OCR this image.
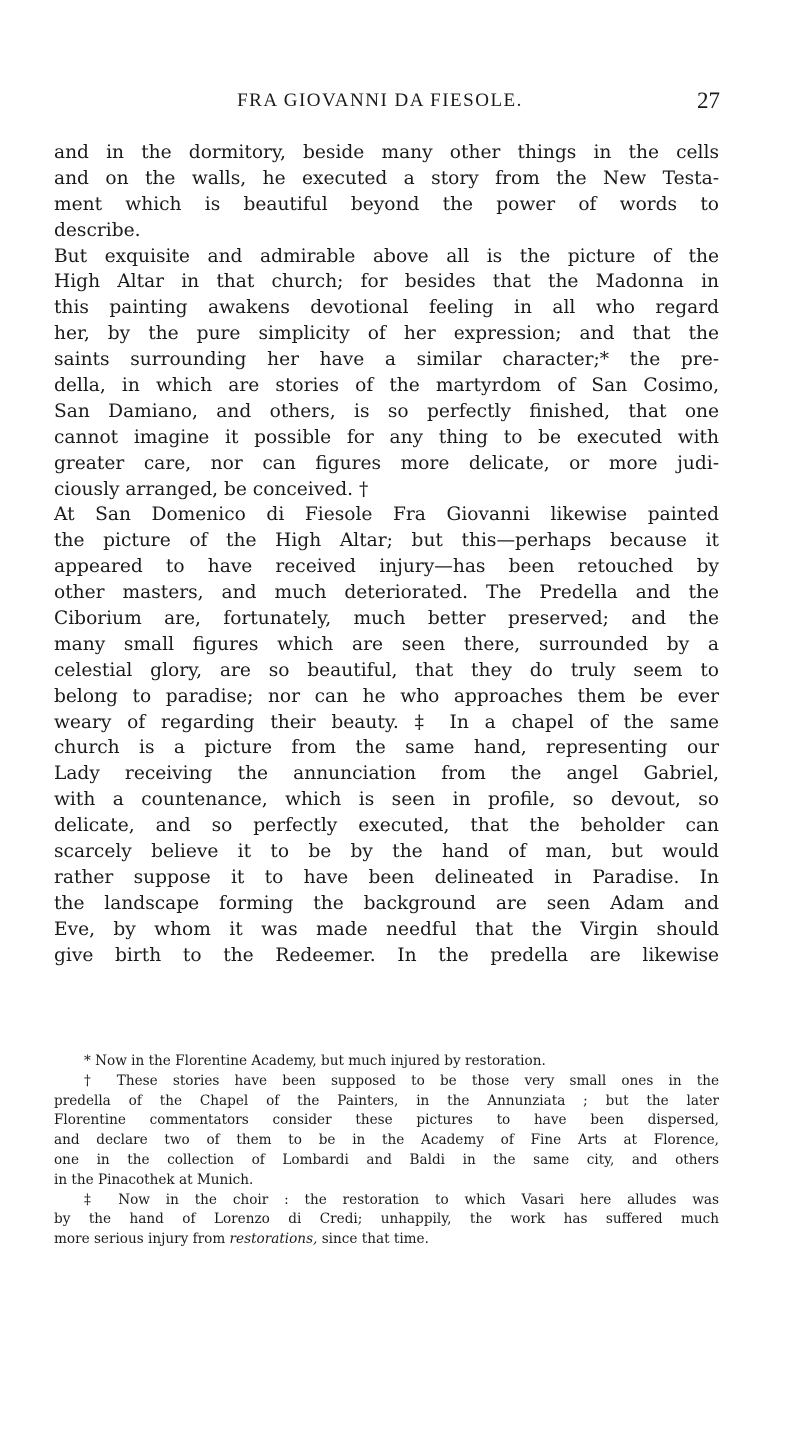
FRA GIOVANNI DA FIESOLE.	27
and in the dormitory, beside many other things in the cells
and on the walls, he executed a story from the New Testa-
ment which is beautiful beyond the power of words to
describe.
But exquisite and admirable above all is the picture of the
High Altar in that church; for besides that the Madonna in
this painting awakens devotional feeling in all who regard
her, by the pure simplicity of her expression; and that the
saints surrounding her have a similar character;* the pre-
della, in which are stories of the martyrdom of San Cosimo,
San Damiano, and others, is so perfectly finished, that one
cannot imagine it possible for any thing to be executed with
greater care, nor can figures more delicate, or more judi-
ciously arranged, be conceived. †
At San Domenico di Fiesole Fra Giovanni likewise painted
the picture of the High Altar; but this—perhaps because it
appeared to have received injury—has been retouched by
other masters, and much deteriorated. The Predella and the
Ciborium are, fortunately, much better preserved; and the
many small figures which are seen there, surrounded by a
celestial glory, are so beautiful, that they do truly seem to
belong to paradise; nor can he who approaches them be ever
weary of regarding their beauty. ‡ In a chapel of the same
church is a picture from the same hand, representing our
Lady receiving the annunciation from the angel Gabriel,
with a countenance, which is seen in profile, so devout, so
delicate, and so perfectly executed, that the beholder can
scarcely believe it to be by the hand of man, but would
rather suppose it to have been delineated in Paradise. In
the landscape forming the background are seen Adam and
Eve, by whom it was made needful that the Virgin should
give birth to the Redeemer. In the predella are likewise
* Now in the Florentine Academy, but much injured by restoration.
† These stories have been supposed to be those very small ones in the
predella of the Chapel of the Painters, in the Annunziata ; but the later
Florentine commentators consider these pictures to have been dispersed,
and declare two of them to be in the Academy of Fine Arts at Florence,
one in the collection of Lombardi and Baldi in the same city, and others
in the Pinacothek at Munich.
‡ Now in the choir : the restoration to which Vasari here alludes was
by the hand of Lorenzo di Credi; unhappily, the work has suffered much
more serious injury from restorations, since that time.
